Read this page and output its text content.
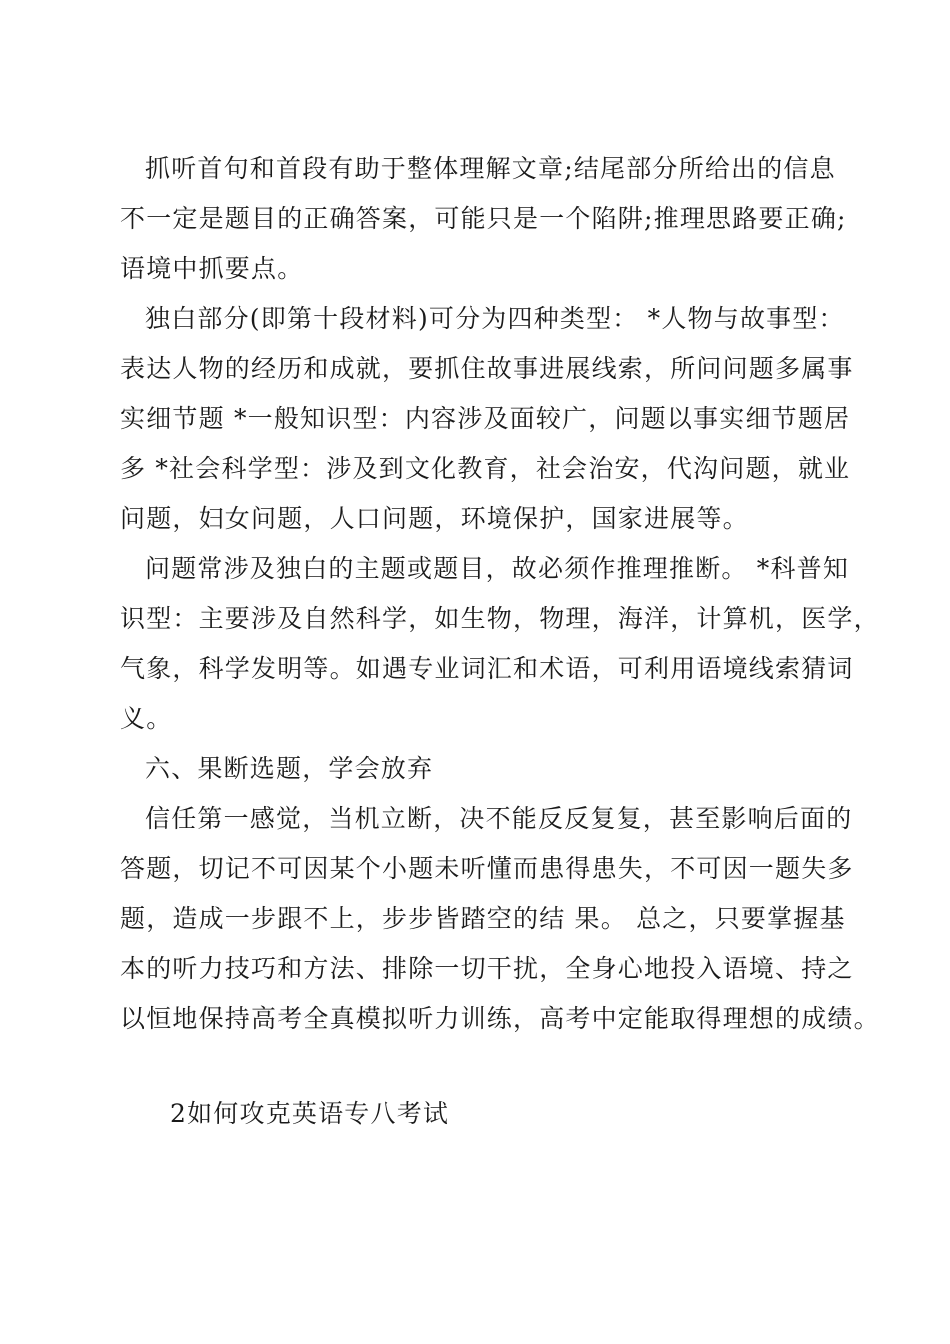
抓听首句和首段有助于整体理解文章;结尾部分所给出的信息
不一定是题目的正确答案，可能只是一个陷阱;推理思路要正确;
语境中抓要点。
独白部分(即第十段材料)可分为四种类型： *人物与故事型：
表达人物的经历和成就，要抓住故事进展线索，所问问题多属事
实细节题 *一般知识型：内容涉及面较广，问题以事实细节题居
多 *社会科学型：涉及到文化教育，社会治安，代沟问题，就业
问题，妇女问题，人口问题，环境保护，国家进展等。
问题常涉及独白的主题或题目，故必须作推理推断。 *科普知
识型：主要涉及自然科学，如生物，物理，海洋，计算机，医学，
气象，科学发明等。如遇专业词汇和术语，可利用语境线索猜词
义。
六、果断选题，学会放弃
信任第一感觉，当机立断，决不能反反复复，甚至影响后面的
答题，切记不可因某个小题未听懂而患得患失，不可因一题失多
题，造成一步跟不上，步步皆踏空的结 果。 总之，只要掌握基
本的听力技巧和方法、排除一切干扰，全身心地投入语境、持之
以恒地保持高考全真模拟听力训练，高考中定能取得理想的成绩。
2如何攻克英语专八考试
